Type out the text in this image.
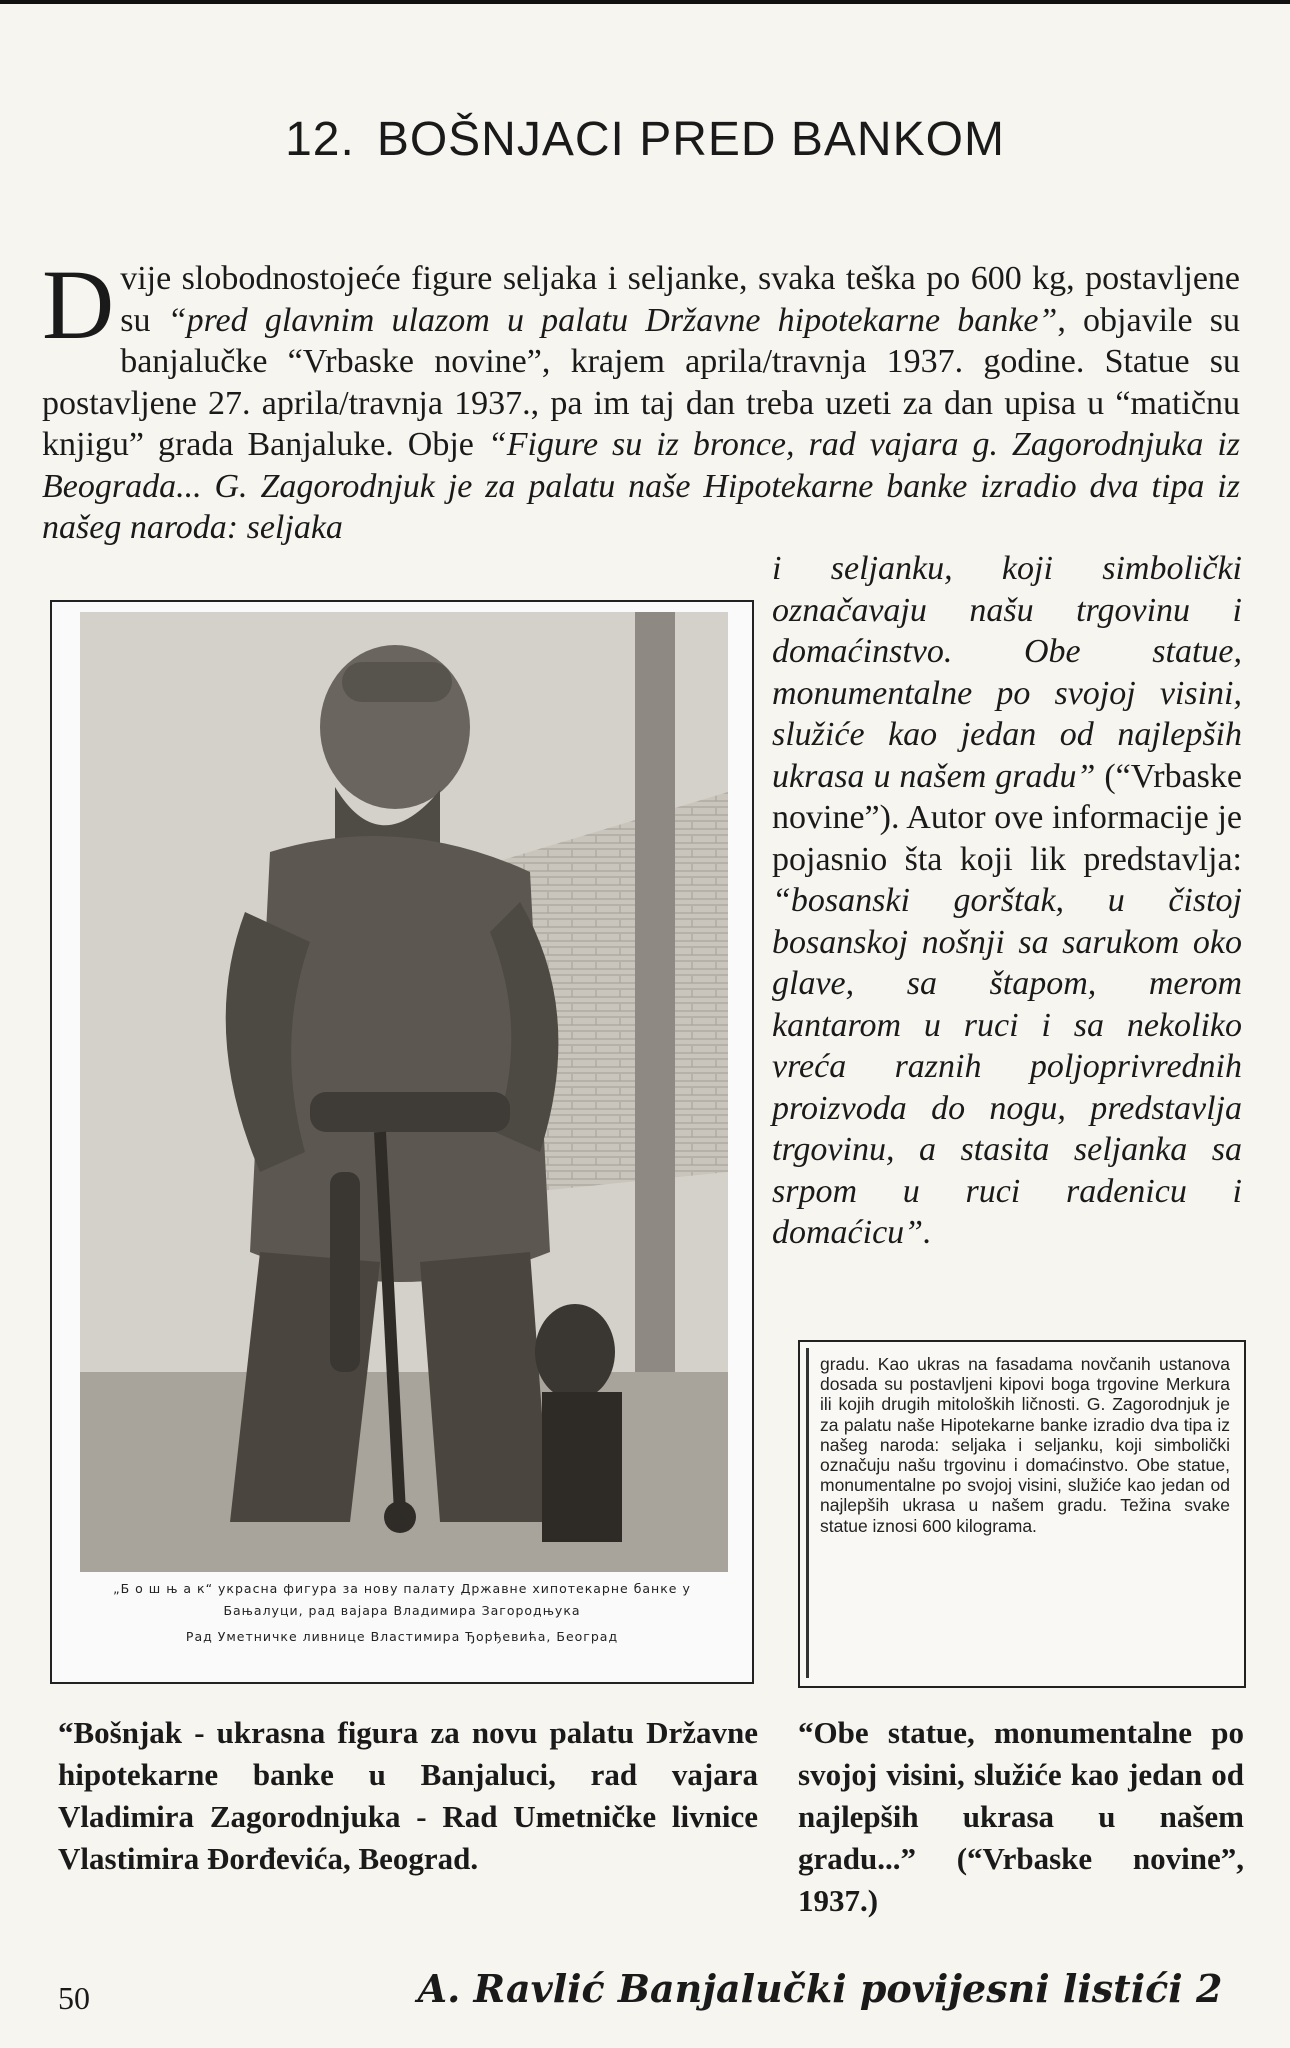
12. BOŠNJACI PRED BANKOM
Dvije slobodnostojeće figure seljaka i seljanke, svaka teška po 600 kg, postavljene su “pred glavnim ulazom u palatu Državne hipotekarne banke”, objavile su banjalučke “Vrbaske novine”, krajem aprila/travnja 1937. godine. Statue su postavljene 27. aprila/travnja 1937., pa im taj dan treba uzeti za dan upisa u “matičnu knjigu” grada Banjaluke. Obje “Figure su iz bronce, rad vajara g. Zagorodnjuka iz Beograda... G. Zagorodnjuk je za palatu naše Hipotekarne banke izradio dva tipa iz našeg naroda: seljaka
„Б о ш њ а к“ украсна фигура за нову палату Државне хипотекарне банке у Бањалуци, рад вајара Владимира Загородњука
Рад Уметничке ливнице Властимира Ђорђевића, Београд
i seljanku, koji simbolički označavaju našu trgovinu i domaćinstvo. Obe statue, monumentalne po svojoj visini, služiće kao jedan od najlepših ukrasa u našem gradu” (“Vrbaske novine”). Autor ove informacije je pojasnio šta koji lik predstavlja: “bosanski gorštak, u čistoj bosanskoj nošnji sa sarukom oko glave, sa štapom, merom kantarom u ruci i sa nekoliko vreća raznih poljoprivrednih proizvoda do nogu, predstavlja trgovinu, a stasita seljanka sa srpom u ruci radenicu i domaćicu”.
gradu. Kao ukras na fasadama novčanih ustanova dosada su postavljeni kipovi boga trgovine Merkura ili kojih drugih mitoloških ličnosti. G. Zagorodnjuk je za palatu naše Hipotekarne banke izradio dva tipa iz našeg naroda: seljaka i seljanku, koji simbolički označuju našu trgovinu i domaćinstvo. Obe statue, monumentalne po svojoj visini, služiće kao jedan od najlepših ukrasa u našem gradu. Težina svake statue iznosi 600 kilograma.
“Bošnjak - ukrasna figura za novu palatu Državne hipotekarne banke u Banjaluci, rad vajara Vladimira Zagorodnjuka - Rad Umetničke livnice Vlastimira Đorđevića, Beograd.
“Obe statue, monumentalne po svojoj visini, služiće kao jedan od najlepših ukrasa u našem gradu...” (“Vrbaske novine”, 1937.)
50	A. Ravlić Banjalučki povijesni listići 2
